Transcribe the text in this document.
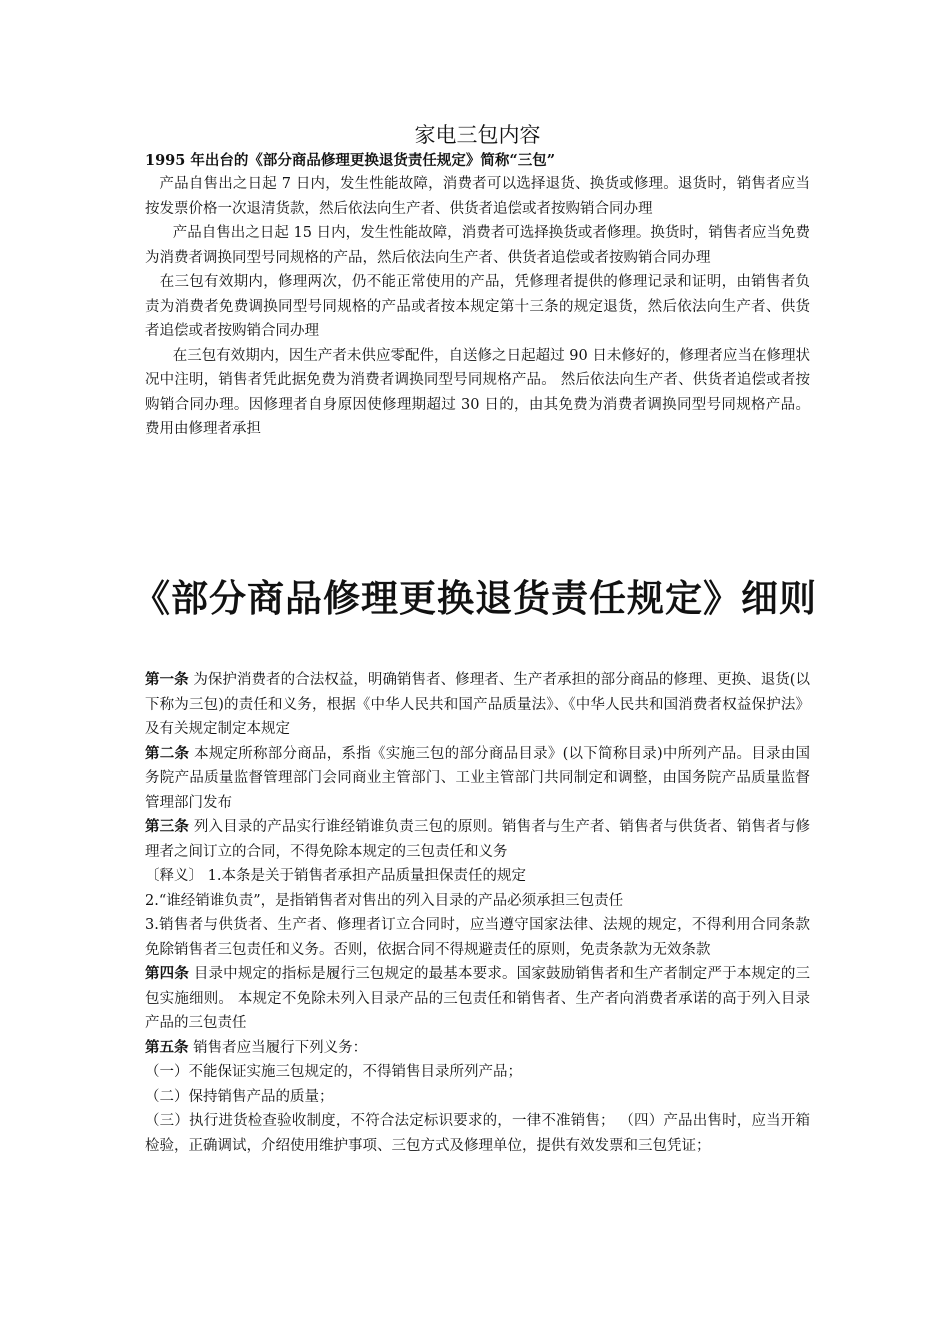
家电三包内容

1995 年出台的《部分商品修理更换退货责任规定》简称“三包”

产品自售出之日起 7 日内，发生性能故障，消费者可以选择退货、换货或修理。退货时，销售者应当按发票价格一次退清货款，然后依法向生产者、供货者追偿或者按购销合同办理

产品自售出之日起 15 日内，发生性能故障，消费者可选择换货或者修理。换货时，销售者应当免费为消费者调换同型号同规格的产品，然后依法向生产者、供货者追偿或者按购销合同办理

在三包有效期内，修理两次，仍不能正常使用的产品，凭修理者提供的修理记录和证明，由销售者负责为消费者免费调换同型号同规格的产品或者按本规定第十三条的规定退货，然后依法向生产者、供货者追偿或者按购销合同办理

在三包有效期内，因生产者未供应零配件，自送修之日起超过 90 日未修好的，修理者应当在修理状况中注明，销售者凭此据免费为消费者调换同型号同规格产品。 然后依法向生产者、供货者追偿或者按购销合同办理。因修理者自身原因使修理期超过 30 日的，由其免费为消费者调换同型号同规格产品。费用由修理者承担

《部分商品修理更换退货责任规定》细则

第一条 为保护消费者的合法权益，明确销售者、修理者、生产者承担的部分商品的修理、更换、退货(以下称为三包)的责任和义务，根据《中华人民共和国产品质量法》、《中华人民共和国消费者权益保护法》及有关规定制定本规定

第二条 本规定所称部分商品，系指《实施三包的部分商品目录》(以下简称目录)中所列产品。目录由国务院产品质量监督管理部门会同商业主管部门、工业主管部门共同制定和调整，由国务院产品质量监督管理部门发布

第三条 列入目录的产品实行谁经销谁负责三包的原则。销售者与生产者、销售者与供货者、销售者与修理者之间订立的合同，不得免除本规定的三包责任和义务

〔释义〕 1.本条是关于销售者承担产品质量担保责任的规定

2.“谁经销谁负责”，是指销售者对售出的列入目录的产品必须承担三包责任

3.销售者与供货者、生产者、修理者订立合同时，应当遵守国家法律、法规的规定，不得利用合同条款免除销售者三包责任和义务。否则，依据合同不得规避责任的原则，免责条款为无效条款

第四条 目录中规定的指标是履行三包规定的最基本要求。国家鼓励销售者和生产者制定严于本规定的三包实施细则。 本规定不免除未列入目录产品的三包责任和销售者、生产者向消费者承诺的高于列入目录产品的三包责任

第五条 销售者应当履行下列义务：

（一）不能保证实施三包规定的，不得销售目录所列产品；

（二）保持销售产品的质量；

（三）执行进货检查验收制度，不符合法定标识要求的，一律不准销售； （四）产品出售时，应当开箱检验，正确调试，介绍使用维护事项、三包方式及修理单位，提供有效发票和三包凭证；
